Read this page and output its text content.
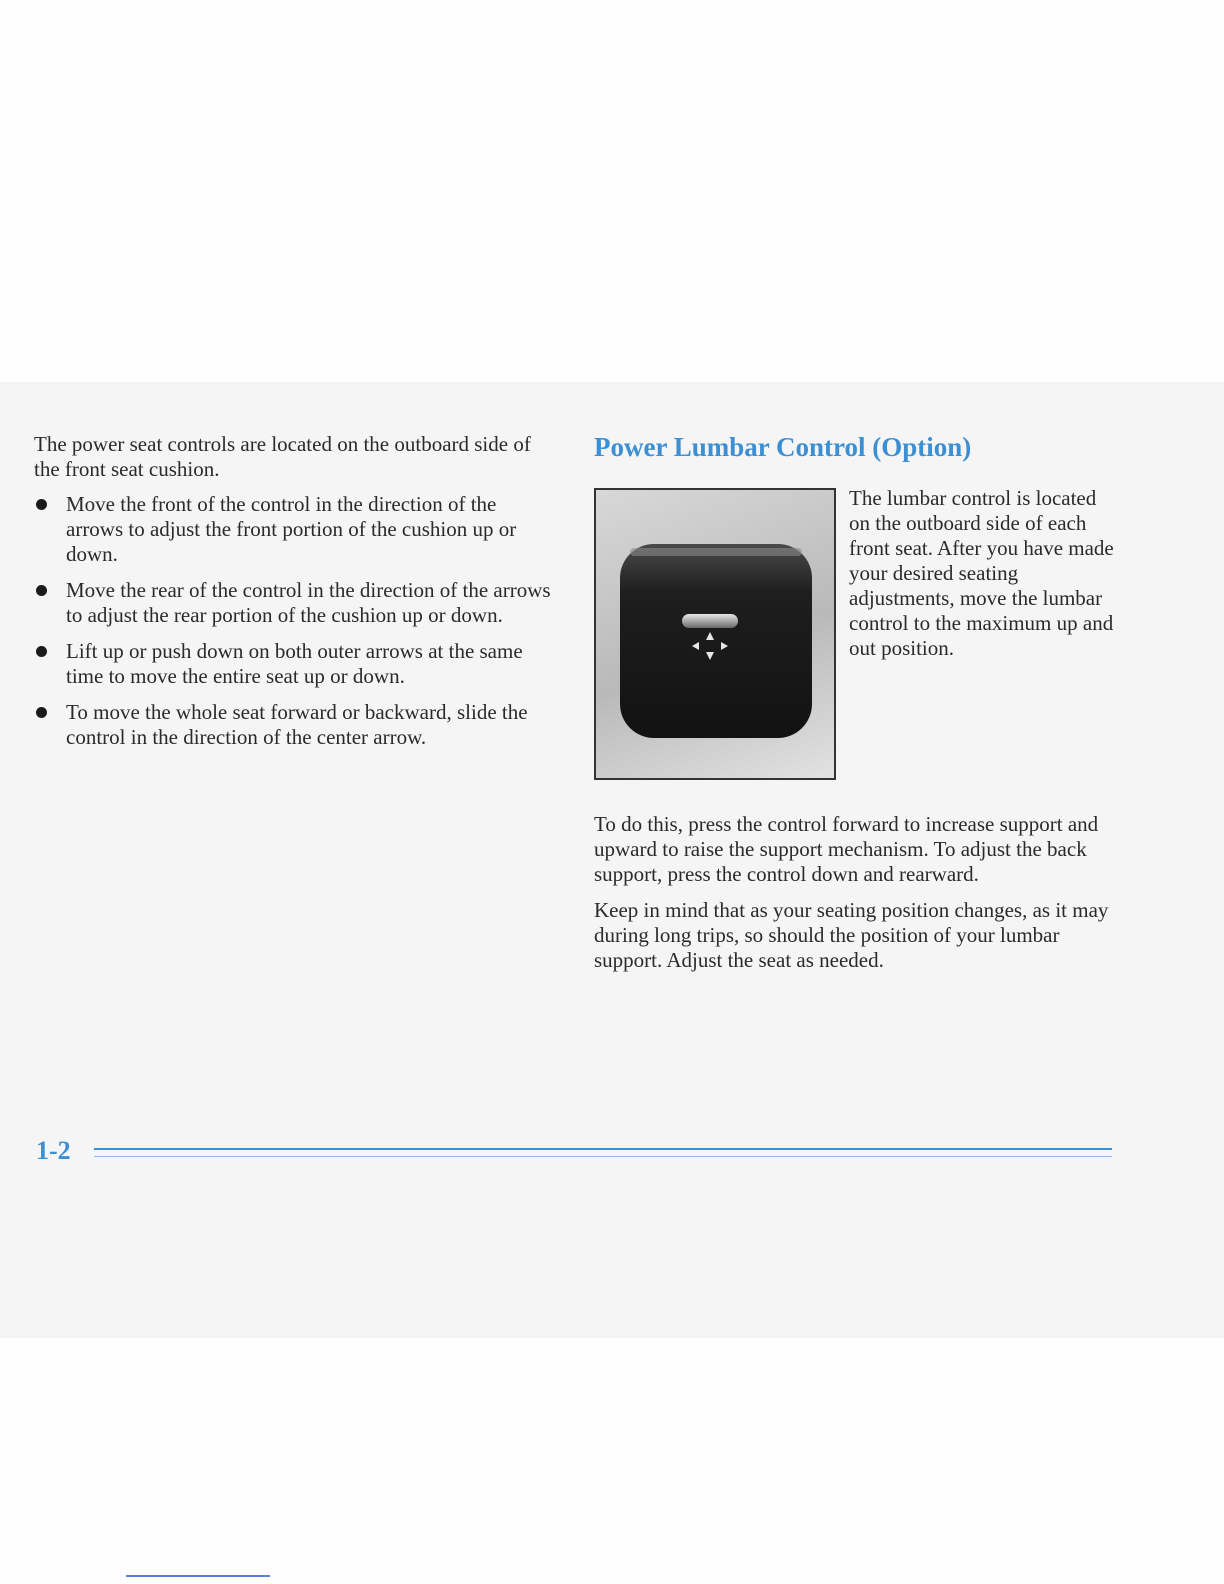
The power seat controls are located on the outboard side of the front seat cushion.

Move the front of the control in the direction of the arrows to adjust the front portion of the cushion up or down.
Move the rear of the control in the direction of the arrows to adjust the rear portion of the cushion up or down.
Lift up or push down on both outer arrows at the same time to move the entire seat up or down.
To move the whole seat forward or backward, slide the control in the direction of the center arrow.
Power Lumbar Control (Option)

The lumbar control is located on the outboard side of each front seat. After you have made your desired seating adjustments, move the lumbar control to the maximum up and out position.

To do this, press the control forward to increase support and upward to raise the support mechanism. To adjust the back support, press the control down and rearward.

Keep in mind that as your seating position changes, as it may during long trips, so should the position of your lumbar support. Adjust the seat as needed.

1-2
